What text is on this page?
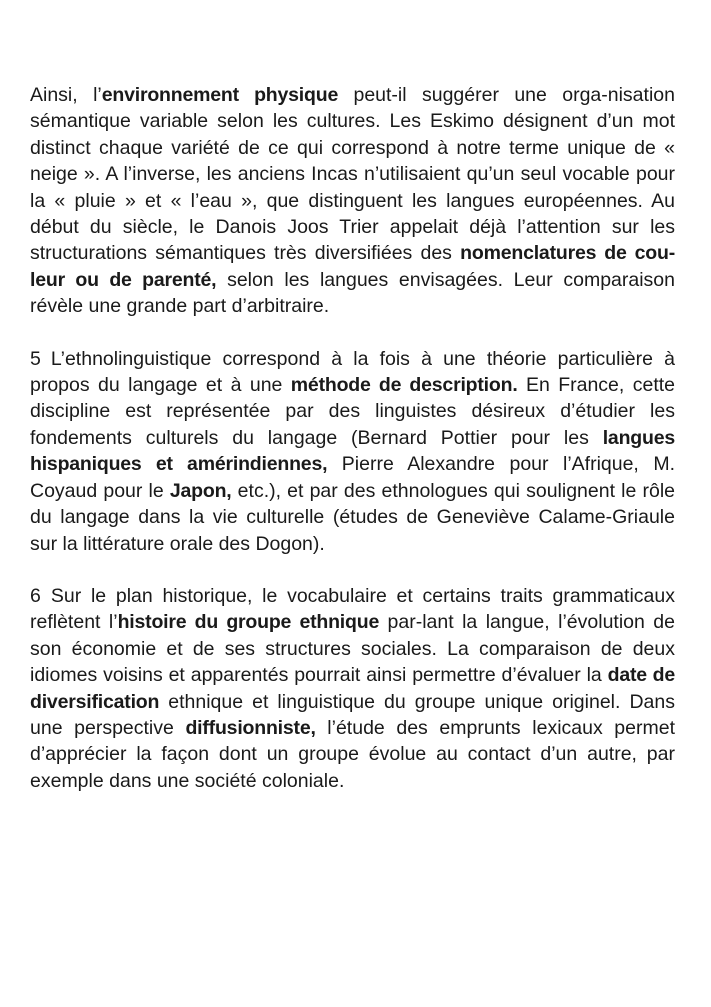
Ainsi, l’environnement physique peut-il suggérer une orga-nisation sémantique variable selon les cultures. Les Eskimo désignent d’un mot distinct chaque variété de ce qui correspond à notre terme unique de « neige ». A l’inverse, les anciens Incas n’utilisaient qu’un seul vocable pour la « pluie » et « l’eau », que distinguent les langues européennes. Au début du siècle, le Danois Joos Trier appelait déjà l’attention sur les structurations sémantiques très diversifiées des nomenclatures de cou-leur ou de parenté, selon les langues envisagées. Leur comparaison révèle une grande part d’arbitraire.

5 L’ethnolinguistique correspond à la fois à une théorie particulière à propos du langage et à une méthode de description. En France, cette discipline est représentée par des linguistes désireux d’étudier les fondements culturels du langage (Bernard Pottier pour les langues hispaniques et amérindiennes, Pierre Alexandre pour l’Afrique, M. Coyaud pour le Japon, etc.), et par des ethnologues qui soulignent le rôle du langage dans la vie culturelle (études de Geneviève Calame-Griaule sur la littérature orale des Dogon).

6 Sur le plan historique, le vocabulaire et certains traits grammaticaux reflètent l’histoire du groupe ethnique par-lant la langue, l’évolution de son économie et de ses structures sociales. La comparaison de deux idiomes voisins et apparentés pourrait ainsi permettre d’évaluer la date de diversification ethnique et linguistique du groupe unique originel. Dans une perspective diffusionniste, l’étude des emprunts lexicaux permet d’apprécier la façon dont un groupe évolue au contact d’un autre, par exemple dans une société coloniale.
